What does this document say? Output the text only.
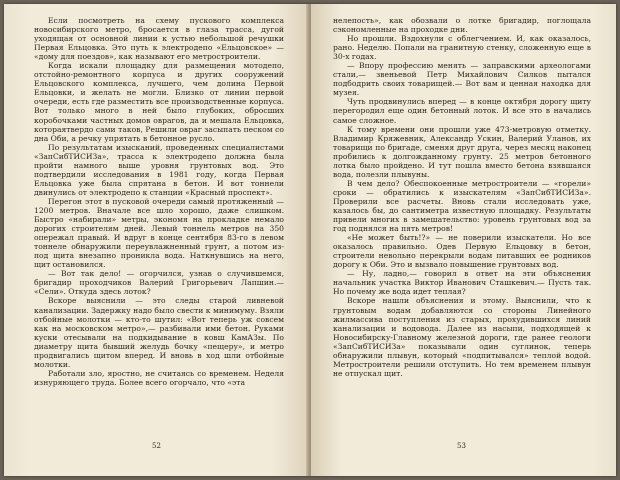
Если посмотреть на схему пускового комплекса новосибирского метро, бросается в глаза трасса, дугой уходящая от основной линии к устью небольшой речушки Первая Ельцовка. Это путь к электродепо «Ельцовское» — «дому для поездов», как называют его метростроители.

Когда искали площадку для размещения мотодепо, отстойно-ремонтного корпуса и других сооружений Ельцовского комплекса, лучшего, чем долина Первой Ельцовки, и желать не могли. Близко от линии первой очереди, есть где разместить все производственные корпуса. Вот только много в ней было глубоких, обросших коробочками частных домов оврагов, да и мешала Ельцовка, котораятвердо сами таков, Решили овраг засыпать песком со дна Оби, а речку упрятать в бетонное русло.

По результатам изысканий, проведенных специалистами «ЗапСибТИСИЗа», трасса к электродепо должна была пройти намного выше уровня грунтовых вод. Это подтвердили исследования в 1981 году, когда Первая Ельцовка уже была спрятана в бетон. И вот тоннели двинулись от электродепо к станции «Красный проспект».

Перегон этот в пусковой очереди самый протяженный — 1200 метров. Вначале все шло хорошо, даже слишком. Быстро «набирали» метры, экономя на прокладке немало дорогих строителям дней. Левый тоннель метров на 350 опережал правый. И вдруг в конце сентября 83-го в левом тоннеле обнаружили переувлажненный грунт, а потом из-под щита внезапно проникла вода. Наткнувшись на него, щит остановился.

— Вот так дело! — огорчился, узнав о случившемся, бригадир проходчиков Валерий Григорьевич Лапшин.— «Сели». Откуда здесь лоток?

Вскоре выяснили — это следы старой ливневой канализации. Задержку надо было свести к минимуму. Взяли отбойные молотки — кто-то шутил: «Вот теперь уж совсем как на московском метро»,— разбивали ими бетон. Руками куски отесывали на подкидывание в ковш КамАЗы. По диаметру щита бывший желудь бочку «пещеру», и метро продвигались щитом вперед. И вновь в ход шли отбойные молотки.

Работали зло, яростно, не считаясь со временем. Неделя изнуряющего труда. Более всего огорчало, что «эта

52

нелепость», как обозвали о лотке бригадир, поглощала сэкономленные на проходке дни.

Но прошли. Вздохнули с облегчением. И, как оказалось, рано. Неделю. Попали на гранитную стенку, сложенную еще в 30-х годах.

— Впору профессию менять — заправскими археологами стали,— звеньевой Петр Михайлович Силков пытался подбодрить своих товарищей.— Вот вам и ценная находка для музея.

Чуть продвинулись вперед — в конце октября дорогу щиту перегородил еще один бетонный лоток. И все это в начались самое сложное.

К тому времени они прошли уже 473-метровую отметку. Владимир Кряжевник, Александр Ускин, Валерий Уланов, их товарищи по бригаде, сменяя друг друга, через месяц наконец пробились к долгожданному грунту. 25 метров бетонного лотка было пройдено. И тут пошла вместо бетона взявшаяся вода, полезли плывуны.

В чем дело? Обеспокоенные метростроители — «горели» сроки — обратились к изыскателям «ЗапСибТИСИЗа». Проверили все расчеты. Вновь стали исследовать уже, казалось бы, до сантиметра известную площадку. Результаты привели многих в замешательство: уровень грунтовых вод за год поднялся на пять метров!

«Не может быть!?» — не поверили изыскатели. Но все оказалось правильно. Одев Первую Ельцовку в бетон, строители невольно перекрыли водам питавших ее родников дорогу к Оби. Это и вызвало повышение грунтовых вод.

— Ну, ладно,— говорил в ответ на эти объяснения начальник участка Виктор Иванович Сташкевич.— Пусть так. Но почему же вода идет теплая?

Вскоре нашли объяснения и этому. Выяснили, что к грунтовым водам добавляются со стороны Линейного жилмассива поступления из старых, прохудившихся линий канализации и водовода. Далее из насыпи, подходящей к Новосибирску-Главному железной дороги, где ранее геологи «ЗапСибТИСИЗа» показывали один суглинок, теперь обнаружили плывун, который «подпитывался» теплой водой. Метростроители решили отступить. Но тем временем плывун не отпускал щит.

53
